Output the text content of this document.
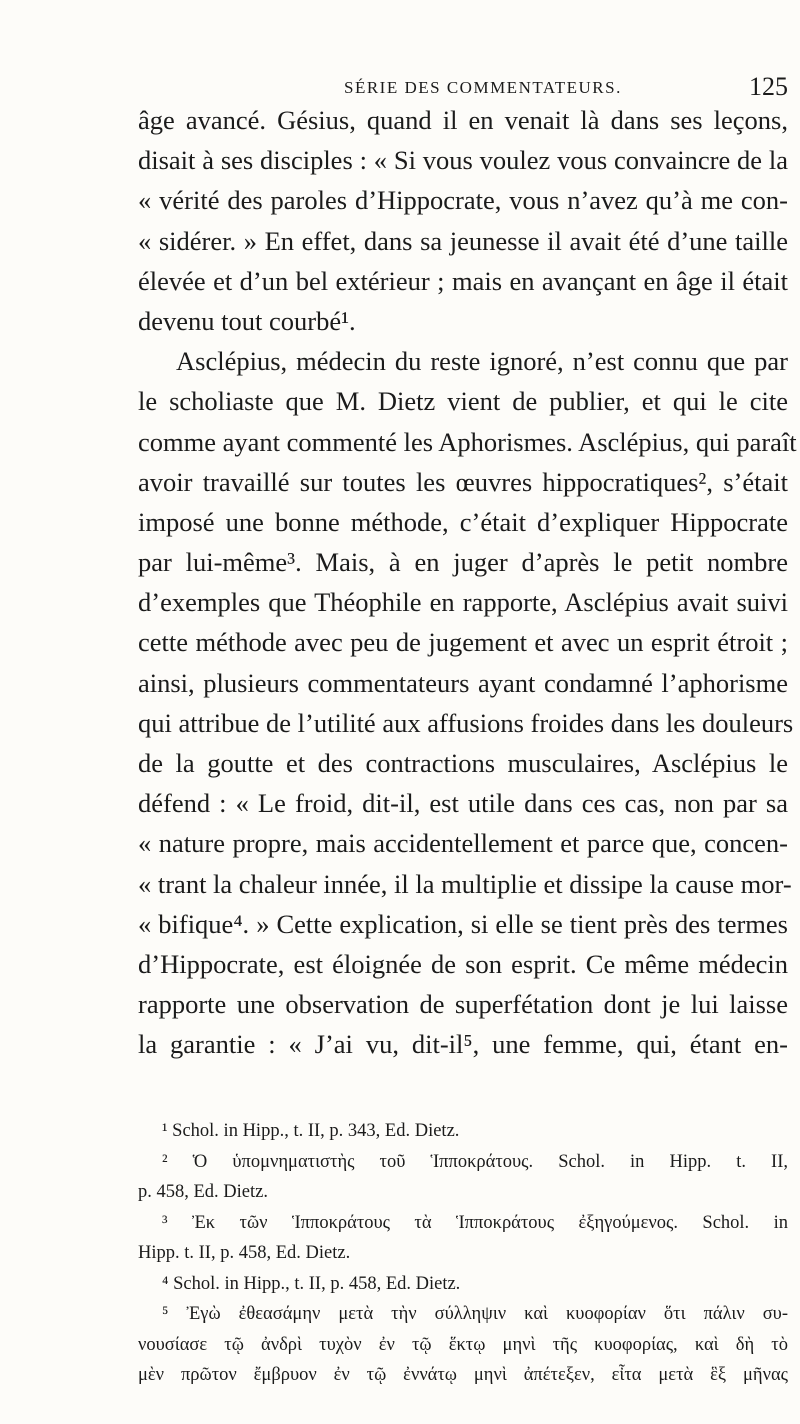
SÉRIE DES COMMENTATEURS.	125
âge avancé. Gésius, quand il en venait là dans ses leçons,
disait à ses disciples : « Si vous voulez vous convaincre de la
« vérité des paroles d’Hippocrate, vous n’avez qu’à me con-
« sidérer. » En effet, dans sa jeunesse il avait été d’une taille
élevée et d’un bel extérieur ; mais en avançant en âge il était
devenu tout courbé¹.
Asclépius, médecin du reste ignoré, n’est connu que par
le scholiaste que M. Dietz vient de publier, et qui le cite
comme ayant commenté les Aphorismes. Asclépius, qui paraît
avoir travaillé sur toutes les œuvres hippocratiques², s’était
imposé une bonne méthode, c’était d’expliquer Hippocrate
par lui-même³. Mais, à en juger d’après le petit nombre
d’exemples que Théophile en rapporte, Asclépius avait suivi
cette méthode avec peu de jugement et avec un esprit étroit ;
ainsi, plusieurs commentateurs ayant condamné l’aphorisme
qui attribue de l’utilité aux affusions froides dans les douleurs
de la goutte et des contractions musculaires, Asclépius le
défend : « Le froid, dit-il, est utile dans ces cas, non par sa
« nature propre, mais accidentellement et parce que, concen-
« trant la chaleur innée, il la multiplie et dissipe la cause mor-
« bifique⁴. » Cette explication, si elle se tient près des termes
d’Hippocrate, est éloignée de son esprit. Ce même médecin
rapporte une observation de superfétation dont je lui laisse
la garantie : « J’ai vu, dit-il⁵, une femme, qui, étant en-
¹ Schol. in Hipp., t. II, p. 343, Ed. Dietz.
² Ὁ ὑπομνηματιστὴς τοῦ Ἱπποκράτους. Schol. in Hipp. t. II,
p. 458, Ed. Dietz.
³ Ἐκ τῶν Ἱπποκράτους τὰ Ἱπποκράτους ἐξηγούμενος. Schol. in
Hipp. t. II, p. 458, Ed. Dietz.
⁴ Schol. in Hipp., t. II, p. 458, Ed. Dietz.
⁵ Ἐγὼ ἐθεασάμην μετὰ τὴν σύλληψιν καὶ κυοφορίαν ὅτι πάλιν συ-
νουσίασε τῷ ἀνδρὶ τυχὸν ἐν τῷ ἕκτῳ μηνὶ τῆς κυοφορίας, καὶ δὴ τὸ
μὲν πρῶτον ἔμβρυον ἐν τῷ ἐννάτῳ μηνὶ ἀπέτεξεν, εἶτα μετὰ ἓξ μῆνας
